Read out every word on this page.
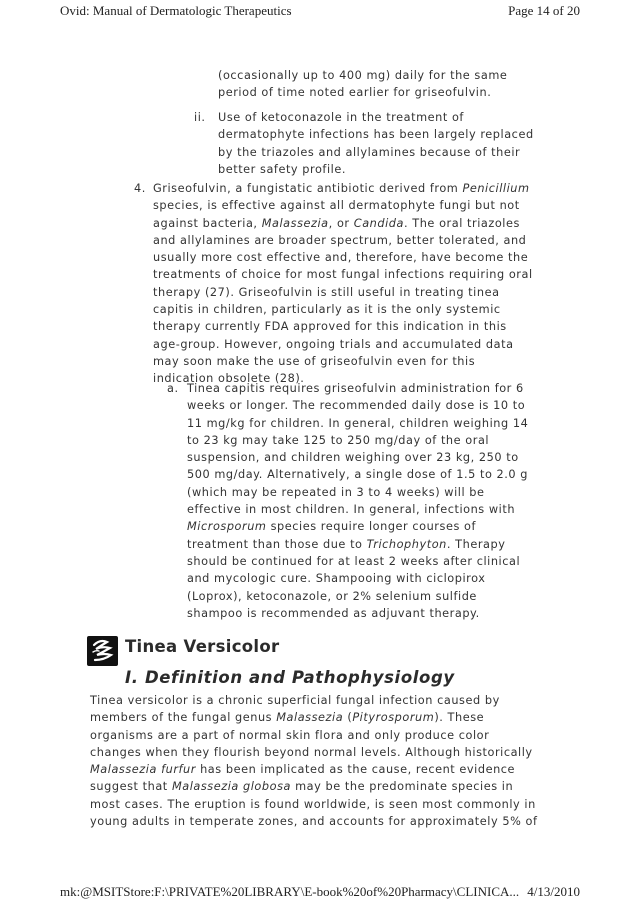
Ovid: Manual of Dermatologic Therapeutics	Page 14 of 20
(occasionally up to 400 mg) daily for the same
period of time noted earlier for griseofulvin.
ii. Use of ketoconazole in the treatment of
dermatophyte infections has been largely replaced
by the triazoles and allylamines because of their
better safety profile.
4. Griseofulvin, a fungistatic antibiotic derived from Penicillium
species, is effective against all dermatophyte fungi but not
against bacteria, Malassezia, or Candida. The oral triazoles
and allylamines are broader spectrum, better tolerated, and
usually more cost effective and, therefore, have become the
treatments of choice for most fungal infections requiring oral
therapy (27). Griseofulvin is still useful in treating tinea
capitis in children, particularly as it is the only systemic
therapy currently FDA approved for this indication in this
age-group. However, ongoing trials and accumulated data
may soon make the use of griseofulvin even for this
indication obsolete (28).
a. Tinea capitis requires griseofulvin administration for 6
weeks or longer. The recommended daily dose is 10 to
11 mg/kg for children. In general, children weighing 14
to 23 kg may take 125 to 250 mg/day of the oral
suspension, and children weighing over 23 kg, 250 to
500 mg/day. Alternatively, a single dose of 1.5 to 2.0 g
(which may be repeated in 3 to 4 weeks) will be
effective in most children. In general, infections with
Microsporum species require longer courses of
treatment than those due to Trichophyton. Therapy
should be continued for at least 2 weeks after clinical
and mycologic cure. Shampooing with ciclopirox
(Loprox), ketoconazole, or 2% selenium sulfide
shampoo is recommended as adjuvant therapy.
Tinea Versicolor
I. Definition and Pathophysiology
Tinea versicolor is a chronic superficial fungal infection caused by
members of the fungal genus Malassezia (Pityrosporum). These
organisms are a part of normal skin flora and only produce color
changes when they flourish beyond normal levels. Although historically
Malassezia furfur has been implicated as the cause, recent evidence
suggest that Malassezia globosa may be the predominate species in
most cases. The eruption is found worldwide, is seen most commonly in
young adults in temperate zones, and accounts for approximately 5% of
mk:@MSITStore:F:\PRIVATE%20LIBRARY\E-book%20of%20Pharmacy\CLINICA... 4/13/2010
